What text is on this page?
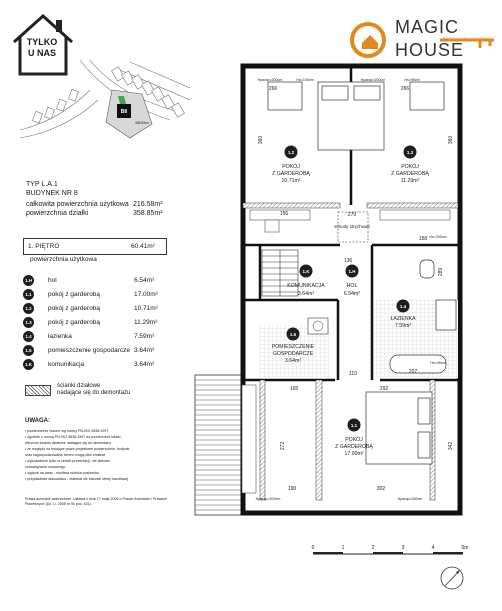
TYLKO
U NAS
MAGIC
BIURO NIERUCHOMOŚCI
HOUSE
B8
358.85m²
TYP L.A.1
BUDYNEK NR 8
całkowita powierzchnia użytkowa 216.58m²
powierzchnia działki	358.85m²
1. PIĘTRO	60.41m²
powierzchnia użytkowa
1.H	hol	6.54m²
1.1	pokój z garderobą	17.00m²
1.2	pokój z garderobą	10.71m²
1.3	pokój z garderobą	11.29m²
1.4	łazienka	7.59m²
1.5	pomieszczenie gospodarcze 3.64m²
1.K	komunikacja	3.64m²
ścianki działowe
nadające się do demontażu
UWAGA:
• powierzchnie liczone wg normy PN-ISO 9836:1997
• zgodnie z normą PN-ISO 9836:1997 do powierzchni lokalu
wliczono ścianki działowe nadające się do demontażu
• ze względu na trwające prace projektowe powierzchnie, budynki
oraz zagospodarowanie terenu mogą ulec zmianie
• wyposażenie tylko w celach prezentacji, nie stanowi
zobowiązania umownego
• wyjście na taras - możliwa różnica poziomów
• przykładowe stanowisko - materiał nie stanowi oferty handlowej
Prawa autorskie zastrzeżone. Ustawa z dnia 17 maja 2006 o Prawie Autorskim i Prawach Pokrewnych (Dz. U. 2006 nr 90 poz. 631).
1.2
POKÓJ
Z GARDEROBĄ
10.71m²
1.3
POKÓJ
Z GARDEROBĄ
11.29m²
1.K
KOMUNIKACJA
3.64m²
1.H
HOL
6.54m²
1.4
ŁAZIENKA
7.59m²
1.5
POMIESZCZENIE
GOSPODARCZE
3.64m²
1.1
POKÓJ
Z GARDEROBĄ
17.00m²
schody strychowe
266	266
156
158
270
136
110	207
165	292
302
190
360	360
272
289
342
Hparap=200cm	Hs=100cm	Hparap=200cm	Hs=90cm
Hs=200cm
Hs=90cm
Hparap=200cm	Hparap=200cm
0	1	2	3	4	5m
